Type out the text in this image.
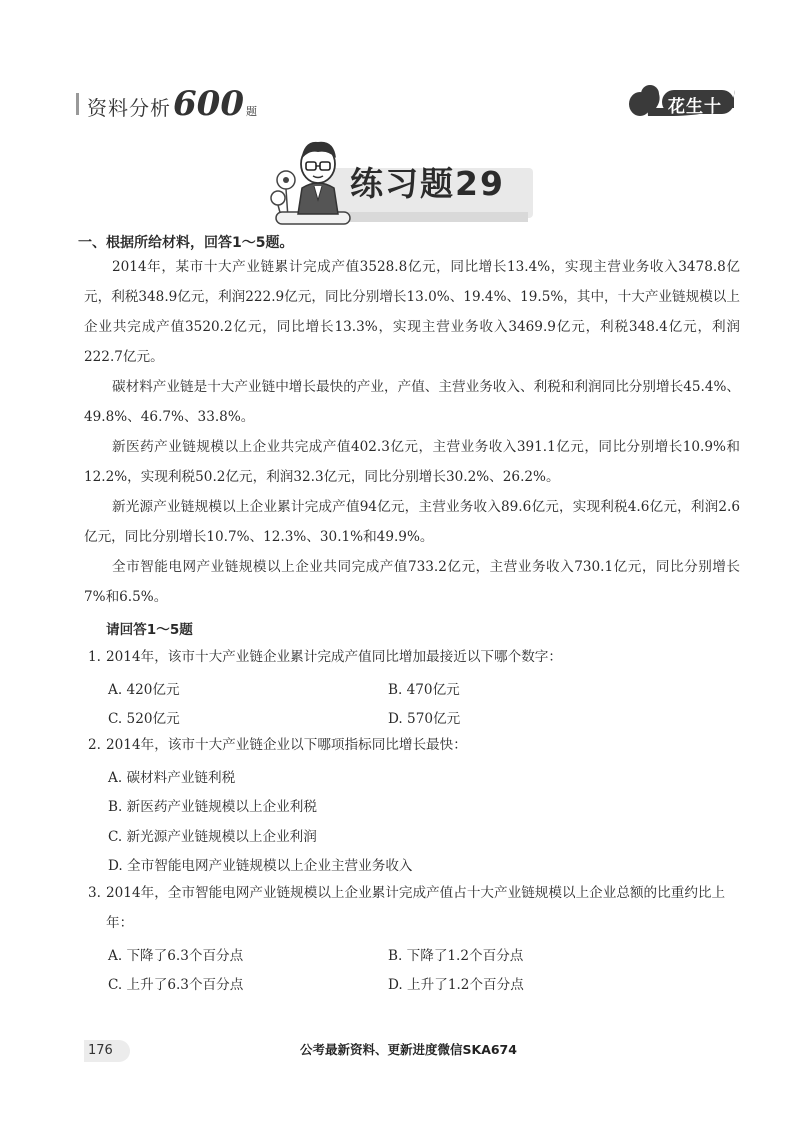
资料分析 600 题	花生十三
练习题29
一、根据所给材料，回答1～5题。

2014年，某市十大产业链累计完成产值3528.8亿元，同比增长13.4%，实现主营业务收入3478.8亿元，利税348.9亿元，利润222.9亿元，同比分别增长13.0%、19.4%、19.5%，其中，十大产业链规模以上企业共完成产值3520.2亿元，同比增长13.3%，实现主营业务收入3469.9亿元，利税348.4亿元，利润222.7亿元。

碳材料产业链是十大产业链中增长最快的产业，产值、主营业务收入、利税和利润同比分别增长45.4%、49.8%、46.7%、33.8%。

新医药产业链规模以上企业共完成产值402.3亿元，主营业务收入391.1亿元，同比分别增长10.9%和12.2%，实现利税50.2亿元，利润32.3亿元，同比分别增长30.2%、26.2%。

新光源产业链规模以上企业累计完成产值94亿元，主营业务收入89.6亿元，实现利税4.6亿元，利润2.6亿元，同比分别增长10.7%、12.3%、30.1%和49.9%。

全市智能电网产业链规模以上企业共同完成产值733.2亿元，主营业务收入730.1亿元，同比分别增长7%和6.5%。

请回答1～5题
1. 2014年，该市十大产业链企业累计完成产值同比增加最接近以下哪个数字：
A. 420亿元	B. 470亿元
C. 520亿元	D. 570亿元
2. 2014年，该市十大产业链企业以下哪项指标同比增长最快：
A. 碳材料产业链利税
B. 新医药产业链规模以上企业利税
C. 新光源产业链规模以上企业利润
D. 全市智能电网产业链规模以上企业主营业务收入
3. 2014年，全市智能电网产业链规模以上企业累计完成产值占十大产业链规模以上企业总额的比重约比上年：
A. 下降了6.3个百分点	B. 下降了1.2个百分点
C. 上升了6.3个百分点	D. 上升了1.2个百分点
176	公考最新资料、更新进度微信SKA674
